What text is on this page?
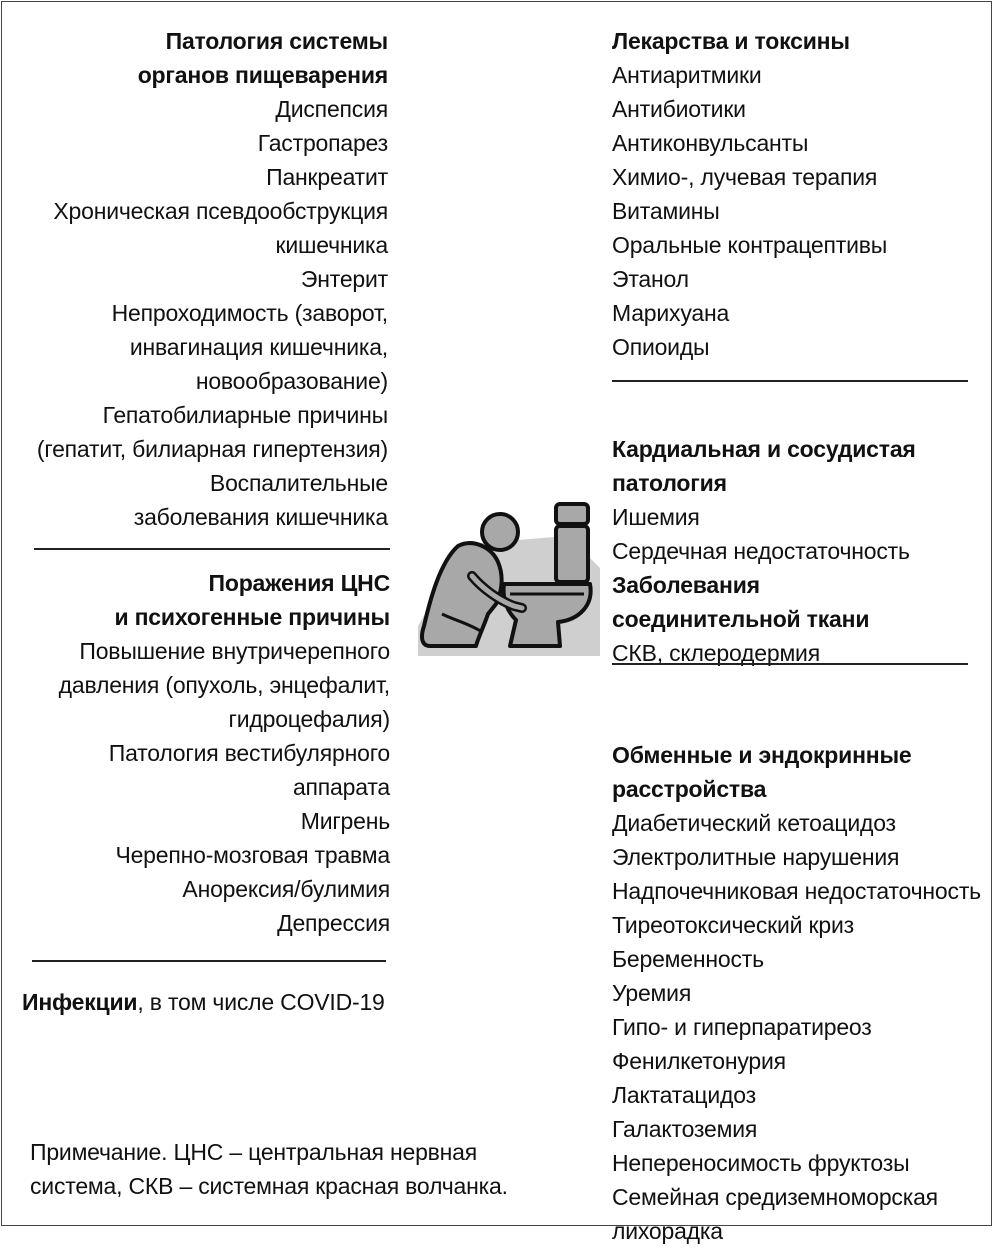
Патология системы
органов пищеварения
Диспепсия
Гастропарез
Панкреатит
Хроническая псевдообструкция
кишечника
Энтерит
Непроходимость (заворот,
инвагинация кишечника,
новообразование)
Гепатобилиарные причины
(гепатит, билиарная гипертензия)
Воспалительные
заболевания кишечника
Поражения ЦНС
и психогенные причины
Повышение внутричерепного
давления (опухоль, энцефалит,
гидроцефалия)
Патология вестибулярного
аппарата
Мигрень
Черепно-мозговая травма
Анорексия/булимия
Депрессия
Инфекции, в том числе COVID-19
Лекарства и токсины
Антиаритмики
Антибиотики
Антиконвульсанты
Химио-, лучевая терапия
Витамины
Оральные контрацептивы
Этанол
Марихуана
Опиоиды
Кардиальная и сосудистая
патология
Ишемия
Сердечная недостаточность
Заболевания
соединительной ткани
СКВ, склеродермия
Обменные и эндокринные
расстройства
Диабетический кетоацидоз
Электролитные нарушения
Надпочечниковая недостаточность
Тиреотоксический криз
Беременность
Уремия
Гипо- и гиперпаратиреоз
Фенилкетонурия
Лактатацидоз
Галактоземия
Непереносимость фруктозы
Семейная средиземноморская
лихорадка
Примечание. ЦНС – центральная нервная
система, СКВ – системная красная волчанка.
